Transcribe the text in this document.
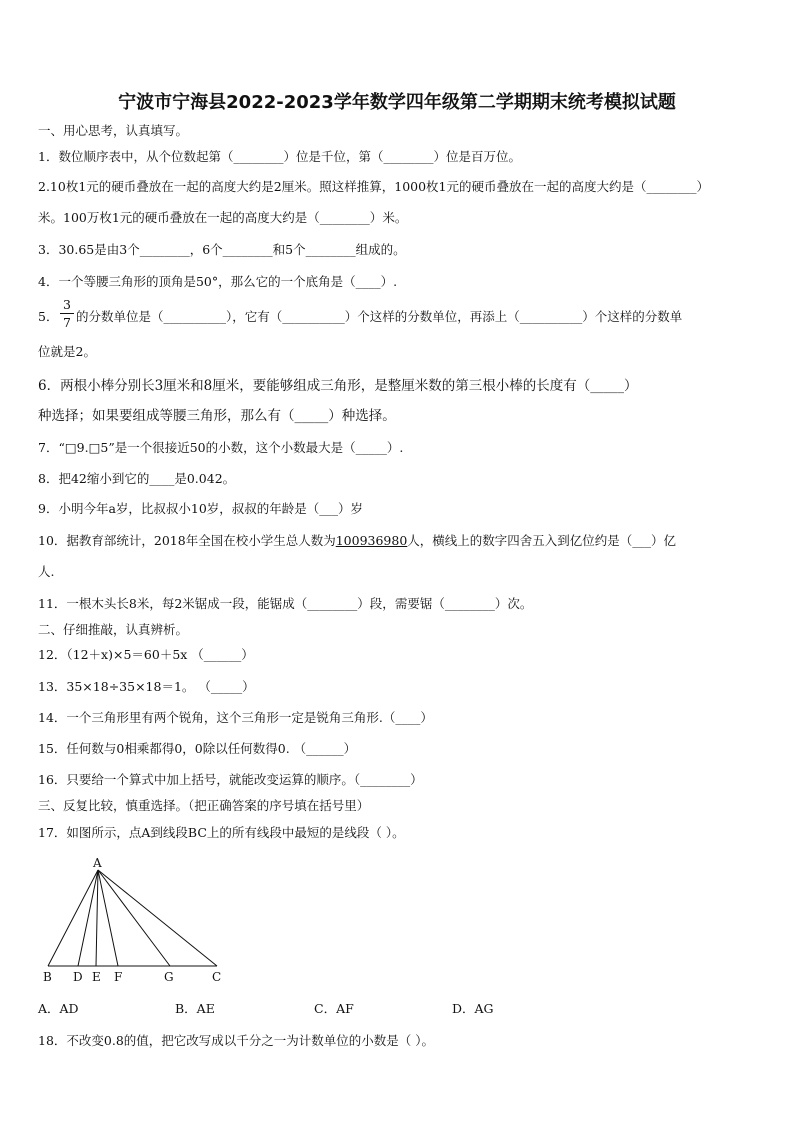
宁波市宁海县2022-2023学年数学四年级第二学期期末统考模拟试题
一、用心思考，认真填写。
1．数位顺序表中，从个位数起第（________）位是千位，第（________）位是百万位。
2.10枚1元的硬币叠放在一起的高度大约是2厘米。照这样推算，1000枚1元的硬币叠放在一起的高度大约是（________）
米。100万枚1元的硬币叠放在一起的高度大约是（________）米。
3．30.65是由3个________，6个________和5个________组成的。
4．一个等腰三角形的顶角是50°，那么它的一个底角是（____）.
5．
3
7 的分数单位是（__________），它有（__________）个这样的分数单位，再添上（__________）个这样的分数单
位就是2。
6．两根小棒分别长3厘米和8厘米，要能够组成三角形，是整厘米数的第三根小棒的长度有（_____）
种选择；如果要组成等腰三角形，那么有（_____）种选择。
7．“□9.□5”是一个很接近50的小数，这个小数最大是（_____）.
8．把42缩小到它的____是0.042。
9．小明今年a岁，比叔叔小10岁，叔叔的年龄是（___）岁
10．据教育部统计，2018年全国在校小学生总人数为100936980人，横线上的数字四舍五入到亿位约是（___）亿
人.
11．一根木头长8米，每2米锯成一段，能锯成（________）段，需要锯（________）次。
二、仔细推敲，认真辨析。
12．（12＋x)×5＝60＋5x （______）
13．35×18÷35×18＝1。 （_____）
14．一个三角形里有两个锐角，这个三角形一定是锐角三角形.（____）
15．任何数与0相乘都得0，0除以任何数得0. （______）
16．只要给一个算式中加上括号，就能改变运算的顺序。（________）
三、反复比较，慎重选择。（把正确答案的序号填在括号里）
17．如图所示，点A到线段BC上的所有线段中最短的是线段（ ）。
A
B D E F	G	C
A．AD	B．AE	C．AF	D．AG
18．不改变0.8的值，把它改写成以千分之一为计数单位的小数是（ ）。
